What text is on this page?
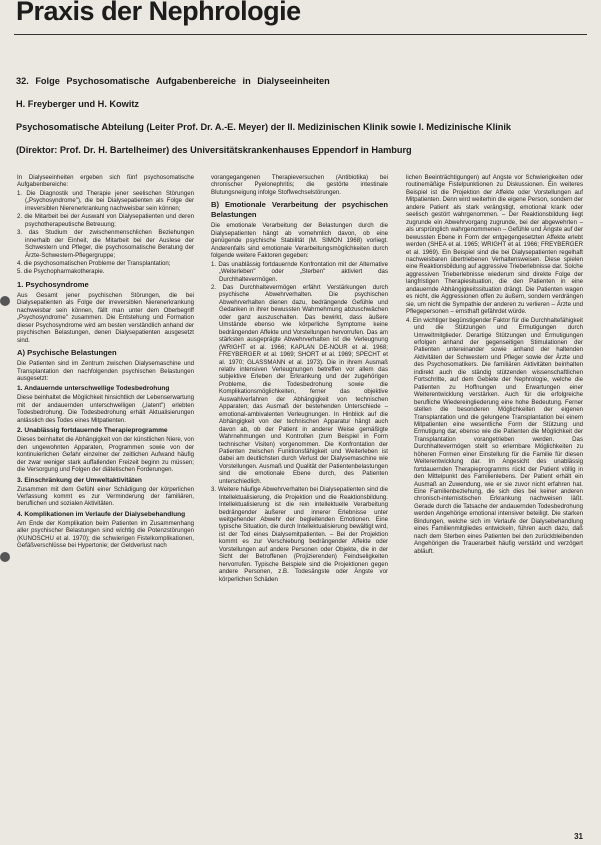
Praxis der Nephrologie
32. Folge Psychosomatische Aufgabenbereiche in Dialyseeinheiten
H. Freyberger und H. Kowitz
Psychosomatische Abteilung (Leiter Prof. Dr. A.-E. Meyer) der II. Medizinischen Klinik sowie I. Medizinische Klinik
(Direktor: Prof. Dr. H. Bartelheimer) des Universitätskrankenhauses Eppendorf in Hamburg

In Dialyseeinheiten ergeben sich fünf psychosomatische Aufgabenbereiche:

1. Die Diagnostik und Therapie jener seelischen Störungen („Psychosyndrome"), die bei Dialysepatienten als Folge der irreversiblen Nierenerkrankung nachweisbar sein können;

2. die Mitarbeit bei der Auswahl von Dialysepatienten und deren psychotherapeutische Betreuung;

3. das Studium der zwischenmenschlichen Beziehungen innerhalb der Einheit, die Mitarbeit bei der Auslese der Schwestern und Pfleger, die psychosomatische Beratung der Ärzte-Schwestern-Pflegergruppe;

4. die psychosomatischen Probleme der Transplantation;

5. die Psychopharmakotherapie.

1. Psychosyndrome

Aus Gesamt jener psychischen Störungen, die bei Dialysepatienten als Folge der irreversiblen Nierenerkrankung nachweisbar sein können, fällt man unter dem Oberbegriff „Psychosyndrome" zusammen. Die Entstehung und Formation dieser Psychosyndrome wird am besten verständlich anhand der psychischen Belastungen, denen Dialysepatienten ausgesetzt sind.

A) Psychische Belastungen

Die Patienten sind im Zentrum zwischen Dialysemaschine und Transplantation den nachfolgenden psychischen Belastungen ausgesetzt:

1. Andauernde unterschwellige Todesbedrohung

Diese beinhaltet die Möglichkeit hinsichtlich der Lebenserwartung mit der andauernden unterschwelligen („latent") erlebten Todesbedrohung. Die Todesbedrohung erhält Aktualisierungen anlässlich des Todes eines Mitpatienten.

2. Unablässig fortdauernde Therapieprogramme

Dieses beinhaltet die Abhängigkeit von der künstlichen Niere, von den ungewohnten Apparaten, Programmen sowie von der kontinuierlichen Gefahr einzelner der zeitlichen Aufwand häufig der zwar weniger stark auffallenden Freizeit beginn zu müssen; die Versorgung und Folgen der diätetischen Forderungen.

3. Einschränkung der Umweltaktivitäten

Zusammen mit dem Gefühl einer Schädigung der körperlichen Verfassung kommt es zur Verminderung der familiären, beruflichen und sozialen Aktivitäten.

4. Komplikationen im Verlaufe der Dialysebehandlung

Am Ende der Komplikation beim Patienten im Zusammenhang aller psychischer Belastungen sind wichtig die Potenzstörungen (KUNOSCHU et al. 1970); die schwierigen Fistelkomplikationen, Gefäßverschlüsse bei Hypertonie; der Geldverlust nach

vorangegangenen Therapieversuchen (Antibiotika) bei chronischer Pyelonephritis; die gestörte intestinale Blutungsneigung infolge Stoffwechselstörungen.

B) Emotionale Verarbeitung der psychischen Belastungen

Die emotionale Verarbeitung der Belastungen durch die Dialysepatienten hängt ab vornehmlich davon, ob eine genügende psychische Stabilität (M. SIMON 1968) vorliegt. Anderenfalls sind emotionale Verarbeitungsmöglichkeiten durch folgende weitere Faktoren gegeben:

1. Das unablässig fortdauernde Konfrontation mit der Alternative „Weiterleben" oder „Sterben" aktiviert das Durchhaltevermögen.

2. Das Durchhaltevermögen erfährt Verstärkungen durch psychische Abwehrverhalten. Die psychischen Abwehrverhalten dienen dazu, bedrängende Gefühle und Gedanken in ihrer bewussten Wahrnehmung abzuschwächen oder ganz auszuschalten. Das bewirkt, dass äußere Umstände ebenso wie körperliche Symptome keine bedrängenden Affekte und Vorstellungen hervorrufen. Das am stärksten ausgeprägte Abwehrverhalten ist die Verleugnung (WRIGHT et al. 1966; KAPLAN DE-NOUR et al. 1968; FREYBERGER et al. 1969; SHORT et al. 1969; SPECHT et al. 1970; GLASSMANN et al. 1973). Die in ihrem Ausmaß relativ intensiven Verleugnungen betreffen vor allem das subjektive Erleben der Erkrankung und der zugehörigen Probleme, die Todesbedrohung sowie die Komplikationsmöglichkeiten, ferner das objektive Auswahlverfahren der Abhängigkeit von technischen Apparaten; das Ausmaß der bestehenden Unterschiede – emotional-ambivalenten Verleugnungen. In Hinblick auf die Abhängigkeit von der technischen Apparatur hängt auch davon ab, ob der Patient in anderer Weise gemäßigte Wahrnehmungen und Kontrollen (zum Beispiel in Form technischer Visiten) vorgenommen. Die Konfrontation der Patienten zwischen Funktionsfähigkeit und Weiterleben ist dabei am deutlichsten durch Verlust der Dialysemaschine wie Vorstellungen. Ausmaß und Qualität der Patientenbelastungen sind die emotionale Ebene durch, des Patienten unterschiedlich.

3. Weitere häufige Abwehrverhalten bei Dialysepatienten sind die Intellektualisierung, die Projektion und die Reaktionsbildung. Intellektualisierung ist die rein intellektuelle Verarbeitung bedrängender äußerer und innerer Erlebnisse unter weitgehender Abwehr der begleitenden Emotionen. Eine typische Situation, die durch Intellektualisierung bewältigt wird, ist der Tod eines Dialysemitpatienten. – Bei der Projektion kommt es zur Verschiebung bedrängender Affekte oder Vorstellungen auf andere Personen oder Objekte, die in der Sicht der Betroffenen (Projizierenden) Feindseligkeiten hervorrufen. Typische Beispiele sind die Projektionen gegen andere Personen, z.B. Todesängste oder Ängste vor körperlichen Schäden

lichen Beeinträchtigungen) auf Ängste vor Schwierigkeiten oder routinemäßige Fistelpunktionen zu Diskussionen. Ein weiteres Beispiel ist die Projektion der Affekte oder Vorstellungen auf Mitpatienten. Denn wird weiterhin die eigene Person, sondern der andere Patient als stark verängstigt, emotional krank oder seelisch gestört wahrgenommen. – Der Reaktionsbildung liegt zugrunde ein Abwehrvorgang zugrunde, bei der abgewehrten – als ursprünglich wahrgenommenen – Gefühle und Ängste auf der bewussten Ebene in Form der entgegengesetzten Affekte erlebt werden (SHEA et al. 1965; WRIGHT et al. 1966; FREYBERGER et al. 1969). Ein Beispiel sind die bei Dialysepatienten regelhaft nachweisbaren übertriebenen Verhaltensweisen. Diese spielen eine Reaktionsbildung auf aggressive Trieberlebnisse dar. Solche aggressiven Trieberlebnisse wiederum sind direkte Folge der langfristigen Therapiesituation, die den Patienten in eine andauernde Abhängigkeitssituation drängt. Die Patienten wagen es nicht, die Aggressionen offen zu äußern, sondern verdrängen sie, um nicht die Sympathie der anderen zu verlieren – Ärzte und Pflegepersonen – ernsthaft gefährdet würde.

4. Ein wichtiger begünstigender Faktor für die Durchhaltefähigkeit und die Stützungen und Ermutigungen durch Umweltmitglieder. Derartige Stützungen und Ermutigungen erfolgen anhand der gegenseitigen Stimulationen der Patienten untereinander sowie anhand der haltenden Aktivitäten der Schwestern und Pfleger sowie der Ärzte und des Psychosomatikers. Die familiären Aktivitäten beinhalten indirekt auch die ständig stützenden wissenschaftlichen Fortschritte, auf dem Gebiete der Nephrologie, welche die Patienten zu Hoffnungen und Erwartungen einer Weiterentwicklung verstärken. Auch für die erfolgreiche berufliche Wiedereingliederung eine hohe Bedeutung. Ferner stellen die besonderen Möglichkeiten der eigenen Transplantation und die gelungene Transplantation bei einem Mitpatienten eine wesentliche Form der Stützung und Ermutigung dar, ebenso wie die Patienten die Möglichkeit der Transplantation vorangetrieben werden. Das Durchhaltevermögen stellt so erlernbare Möglichkeiten zu höheren Formen einer Einstellung für die Familie für diesen Weiterentwicklung dar. Im Angesicht des unablässig fortdauernden Therapieprogramms rückt der Patient völlig in den Mittelpunkt des Familienlebens. Der Patient erhält ein Ausmaß an Zuwendung, wie er sie zuvor nicht erfahren hat. Eine Familienbeziehung, die sich dies bei keiner anderen chronisch-internistischen Erkrankung nachweisen läßt. Gerade durch die Tatsache der andauernden Todesbedrohung werden Angehörige emotional intensiver beteiligt. Die starken Bindungen, welche sich im Verlaufe der Dialysebehandlung eines Familienmitgliedes entwickeln, führen auch dazu, daß nach dem Sterben eines Patienten bei den zurückbleibenden Angehörigen die Trauerarbeit häufig verstärkt und verzögert abläuft.

31
